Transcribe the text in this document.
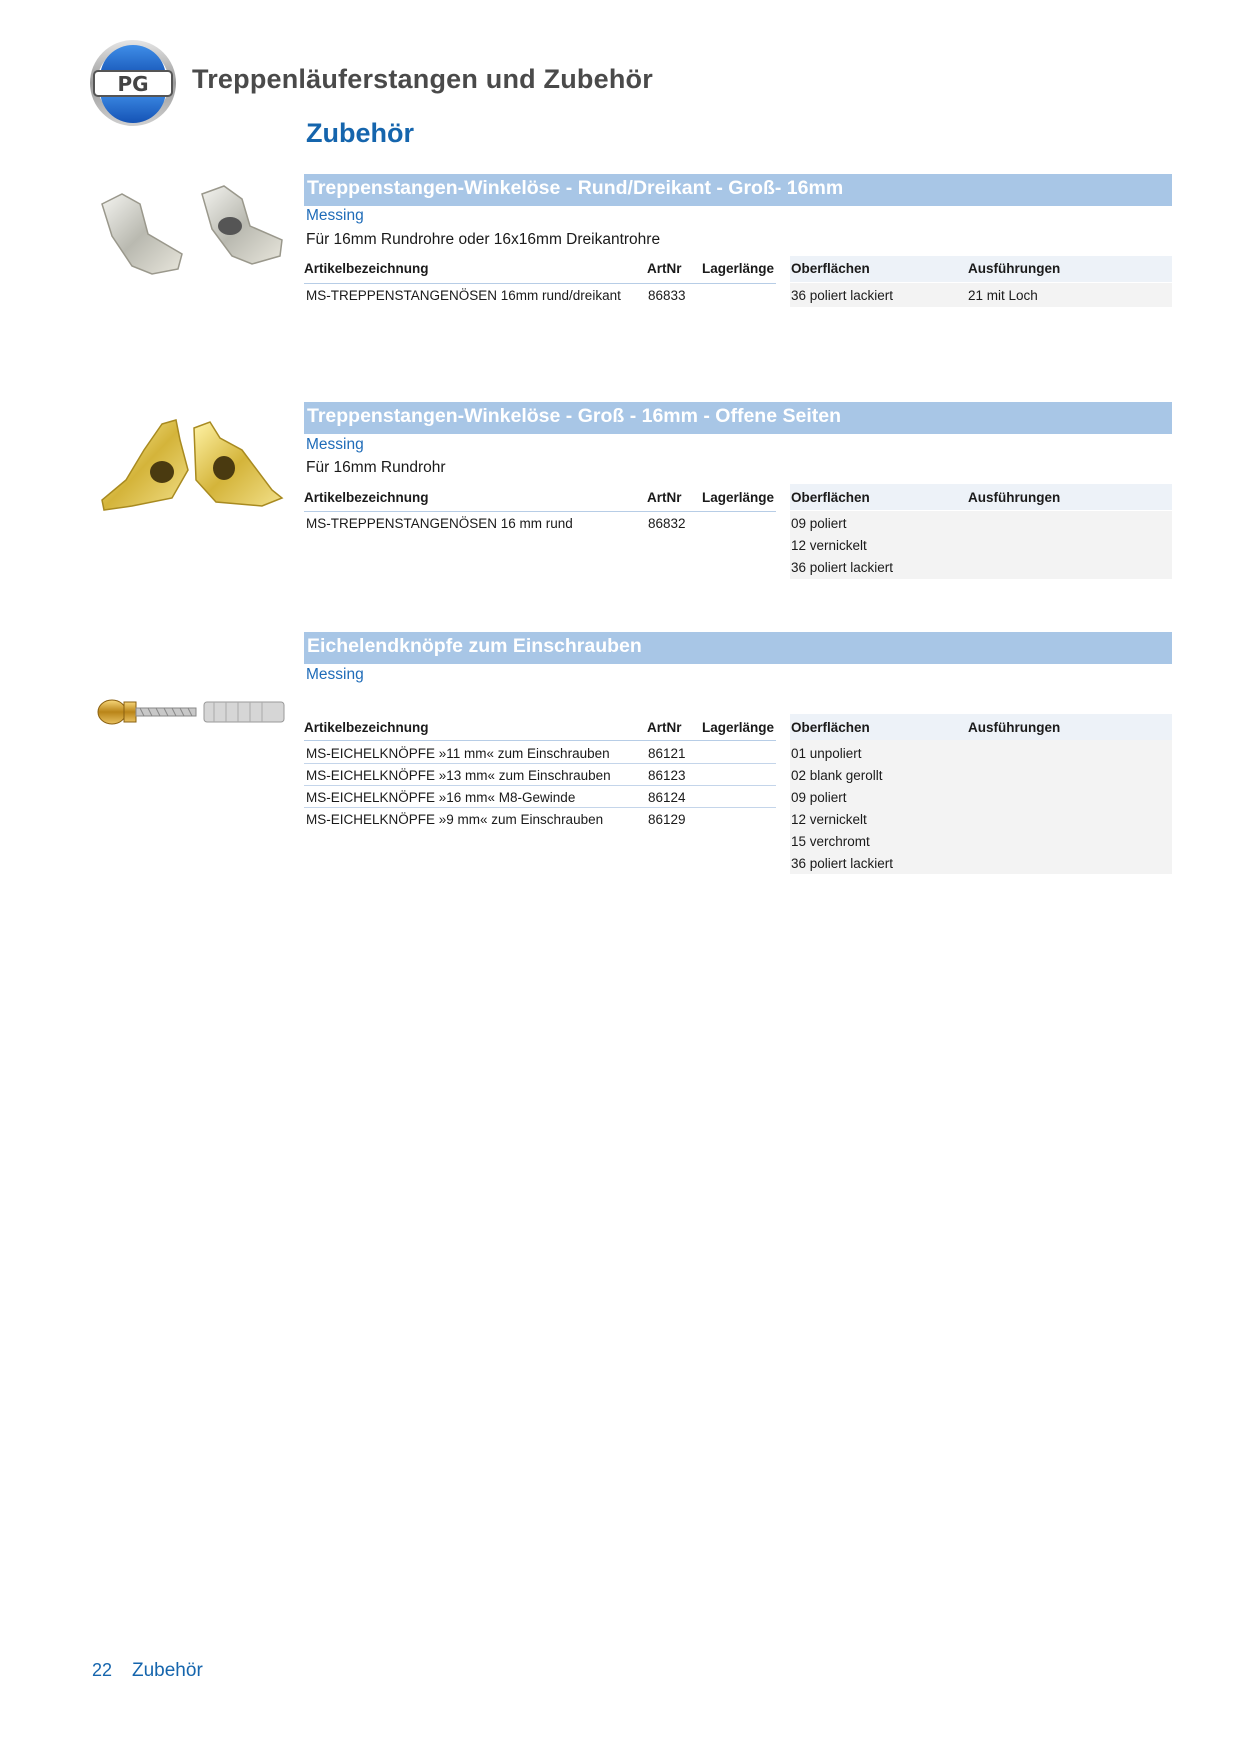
PG Treppenläuferstangen und Zubehör
Zubehör
Treppenstangen-Winkelöse - Rund/Dreikant - Groß- 16mm
Messing
Für 16mm Rundrohre oder 16x16mm Dreikantrohre
Artikelbezeichnung	ArtNr Lagerlänge Oberflächen	Ausführungen
MS-TREPPENSTANGENÖSEN 16mm rund/dreikant 86833	36 poliert lackiert	21 mit Loch
Treppenstangen-Winkelöse - Groß - 16mm - Offene Seiten
Messing
Für 16mm Rundrohr
Artikelbezeichnung	ArtNr Lagerlänge Oberflächen	Ausführungen
MS-TREPPENSTANGENÖSEN 16 mm rund	86832	09 poliert
12 vernickelt
36 poliert lackiert
Eichelendknöpfe zum Einschrauben
Messing
Artikelbezeichnung	ArtNr Lagerlänge Oberflächen	Ausführungen
MS-EICHELKNÖPFE »11 mm« zum Einschrauben	86121
MS-EICHELKNÖPFE »13 mm« zum Einschrauben	86123
MS-EICHELKNÖPFE »16 mm« M8-Gewinde	86124
MS-EICHELKNÖPFE »9 mm« zum Einschrauben	86129
01 unpoliert
02 blank gerollt
09 poliert
12 vernickelt
15 verchromt
36 poliert lackiert
22 Zubehör
